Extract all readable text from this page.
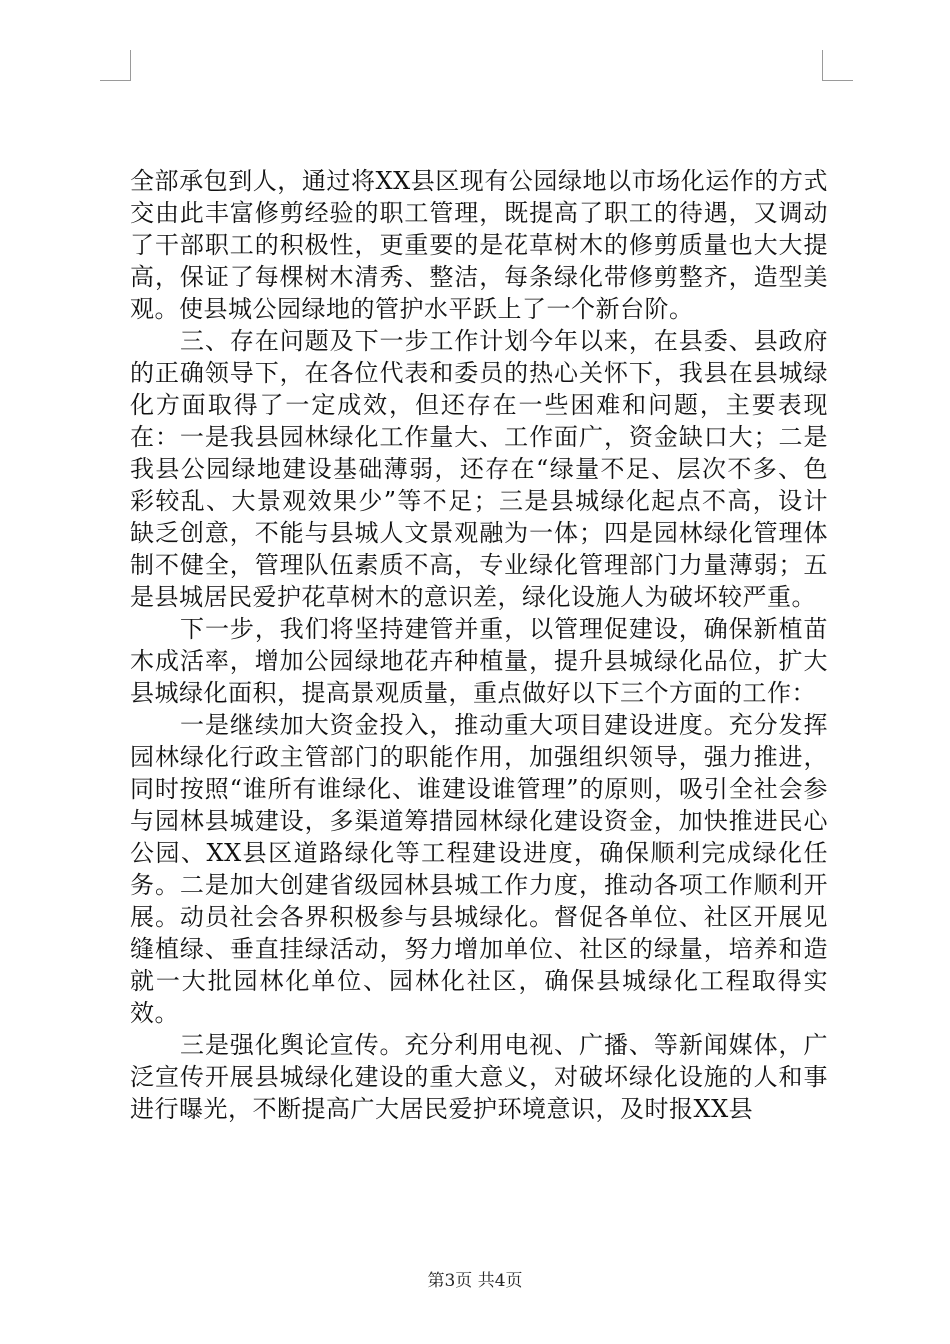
全部承包到人，通过将XX县区现有公园绿地以市场化运作的方式交由此丰富修剪经验的职工管理，既提高了职工的待遇，又调动了干部职工的积极性，更重要的是花草树木的修剪质量也大大提高，保证了每棵树木清秀、整洁，每条绿化带修剪整齐，造型美观。使县城公园绿地的管护水平跃上了一个新台阶。

三、存在问题及下一步工作计划今年以来，在县委、县政府的正确领导下，在各位代表和委员的热心关怀下，我县在县城绿化方面取得了一定成效，但还存在一些困难和问题，主要表现在：一是我县园林绿化工作量大、工作面广，资金缺口大；二是我县公园绿地建设基础薄弱，还存在“绿量不足、层次不多、色彩较乱、大景观效果少”等不足；三是县城绿化起点不高，设计缺乏创意，不能与县城人文景观融为一体；四是园林绿化管理体制不健全，管理队伍素质不高，专业绿化管理部门力量薄弱；五是县城居民爱护花草树木的意识差，绿化设施人为破坏较严重。

下一步，我们将坚持建管并重，以管理促建设，确保新植苗木成活率，增加公园绿地花卉种植量，提升县城绿化品位，扩大县城绿化面积，提高景观质量，重点做好以下三个方面的工作：

一是继续加大资金投入，推动重大项目建设进度。充分发挥园林绿化行政主管部门的职能作用，加强组织领导，强力推进，同时按照“谁所有谁绿化、谁建设谁管理”的原则，吸引全社会参与园林县城建设，多渠道筹措园林绿化建设资金，加快推进民心公园、XX县区道路绿化等工程建设进度，确保顺利完成绿化任务。二是加大创建省级园林县城工作力度，推动各项工作顺利开展。动员社会各界积极参与县城绿化。督促各单位、社区开展见缝植绿、垂直挂绿活动，努力增加单位、社区的绿量，培养和造就一大批园林化单位、园林化社区，确保县城绿化工程取得实效。

三是强化舆论宣传。充分利用电视、广播、等新闻媒体，广泛宣传开展县城绿化建设的重大意义，对破坏绿化设施的人和事进行曝光，不断提高广大居民爱护环境意识，及时报XX县

第3页 共4页
